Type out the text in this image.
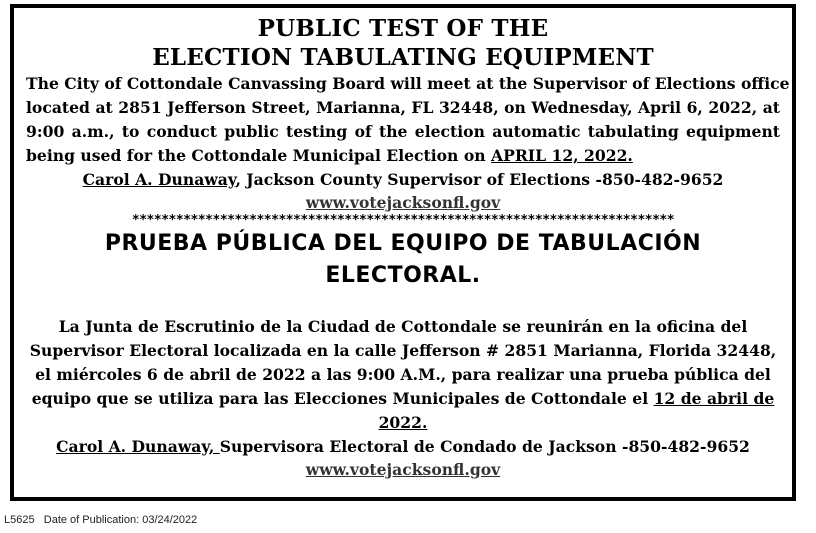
PUBLIC TEST OF THE

ELECTION TABULATING EQUIPMENT

The City of Cottondale Canvassing Board will meet at the Supervisor of Elections office
located at 2851 Jefferson Street, Marianna, FL 32448, on Wednesday, April 6, 2022, at
9:00 a.m., to conduct public testing of the election automatic tabulating equipment
being used for the Cottondale Municipal Election on APRIL 12, 2022.

Carol A. Dunaway, Jackson County Supervisor of Elections -850-482-9652

www.votejacksonfl.gov

**************************************************************************

PRUEBA PÚBLICA DEL EQUIPO DE TABULACIÓN

ELECTORAL.

La Junta de Escrutinio de la Ciudad de Cottondale se reunirán en la oficina del
Supervisor Electoral localizada en la calle Jefferson # 2851 Marianna, Florida 32448,
el miércoles 6 de abril de 2022 a las 9:00 A.M., para realizar una prueba pública del
equipo que se utiliza para las Elecciones Municipales de Cottondale el 12 de abril de
2022.

Carol A. Dunaway, Supervisora Electoral de Condado de Jackson -850-482-9652

www.votejacksonfl.gov

L5625 Date of Publication: 03/24/2022
